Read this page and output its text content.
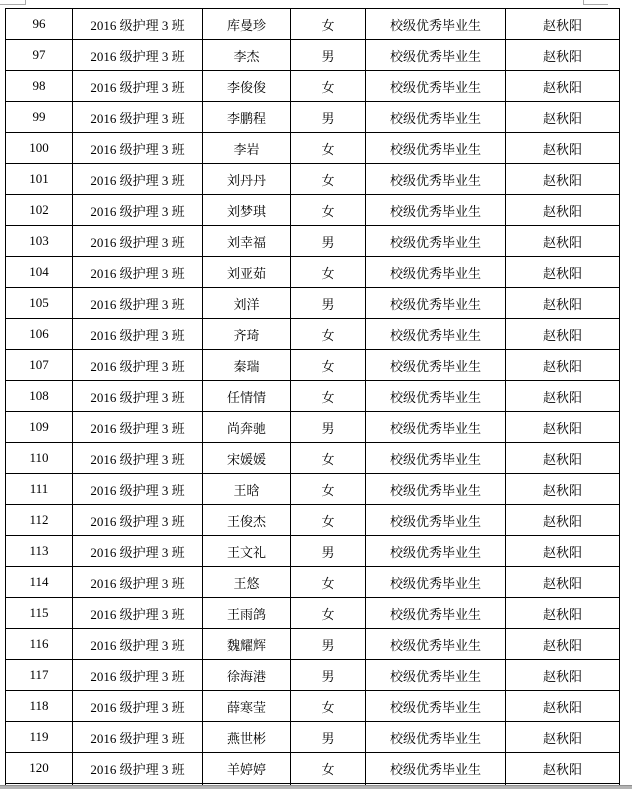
96	2016 级护理 3 班	库曼珍	女	校级优秀毕业生	赵秋阳
97	2016 级护理 3 班	李杰	男	校级优秀毕业生	赵秋阳
98	2016 级护理 3 班	李俊俊	女	校级优秀毕业生	赵秋阳
99	2016 级护理 3 班	李鹏程	男	校级优秀毕业生	赵秋阳
100	2016 级护理 3 班	李岩	女	校级优秀毕业生	赵秋阳
101	2016 级护理 3 班	刘丹丹	女	校级优秀毕业生	赵秋阳
102	2016 级护理 3 班	刘梦琪	女	校级优秀毕业生	赵秋阳
103	2016 级护理 3 班	刘幸福	男	校级优秀毕业生	赵秋阳
104	2016 级护理 3 班	刘亚茹	女	校级优秀毕业生	赵秋阳
105	2016 级护理 3 班	刘洋	男	校级优秀毕业生	赵秋阳
106	2016 级护理 3 班	齐琦	女	校级优秀毕业生	赵秋阳
107	2016 级护理 3 班	秦瑞	女	校级优秀毕业生	赵秋阳
108	2016 级护理 3 班	任情情	女	校级优秀毕业生	赵秋阳
109	2016 级护理 3 班	尚奔驰	男	校级优秀毕业生	赵秋阳
110	2016 级护理 3 班	宋媛媛	女	校级优秀毕业生	赵秋阳
111	2016 级护理 3 班	王晗	女	校级优秀毕业生	赵秋阳
112	2016 级护理 3 班	王俊杰	女	校级优秀毕业生	赵秋阳
113	2016 级护理 3 班	王文礼	男	校级优秀毕业生	赵秋阳
114	2016 级护理 3 班	王悠	女	校级优秀毕业生	赵秋阳
115	2016 级护理 3 班	王雨鸽	女	校级优秀毕业生	赵秋阳
116	2016 级护理 3 班	魏耀辉	男	校级优秀毕业生	赵秋阳
117	2016 级护理 3 班	徐海港	男	校级优秀毕业生	赵秋阳
118	2016 级护理 3 班	薛寒莹	女	校级优秀毕业生	赵秋阳
119	2016 级护理 3 班	燕世彬	男	校级优秀毕业生	赵秋阳
120	2016 级护理 3 班	羊婷婷	女	校级优秀毕业生	赵秋阳
